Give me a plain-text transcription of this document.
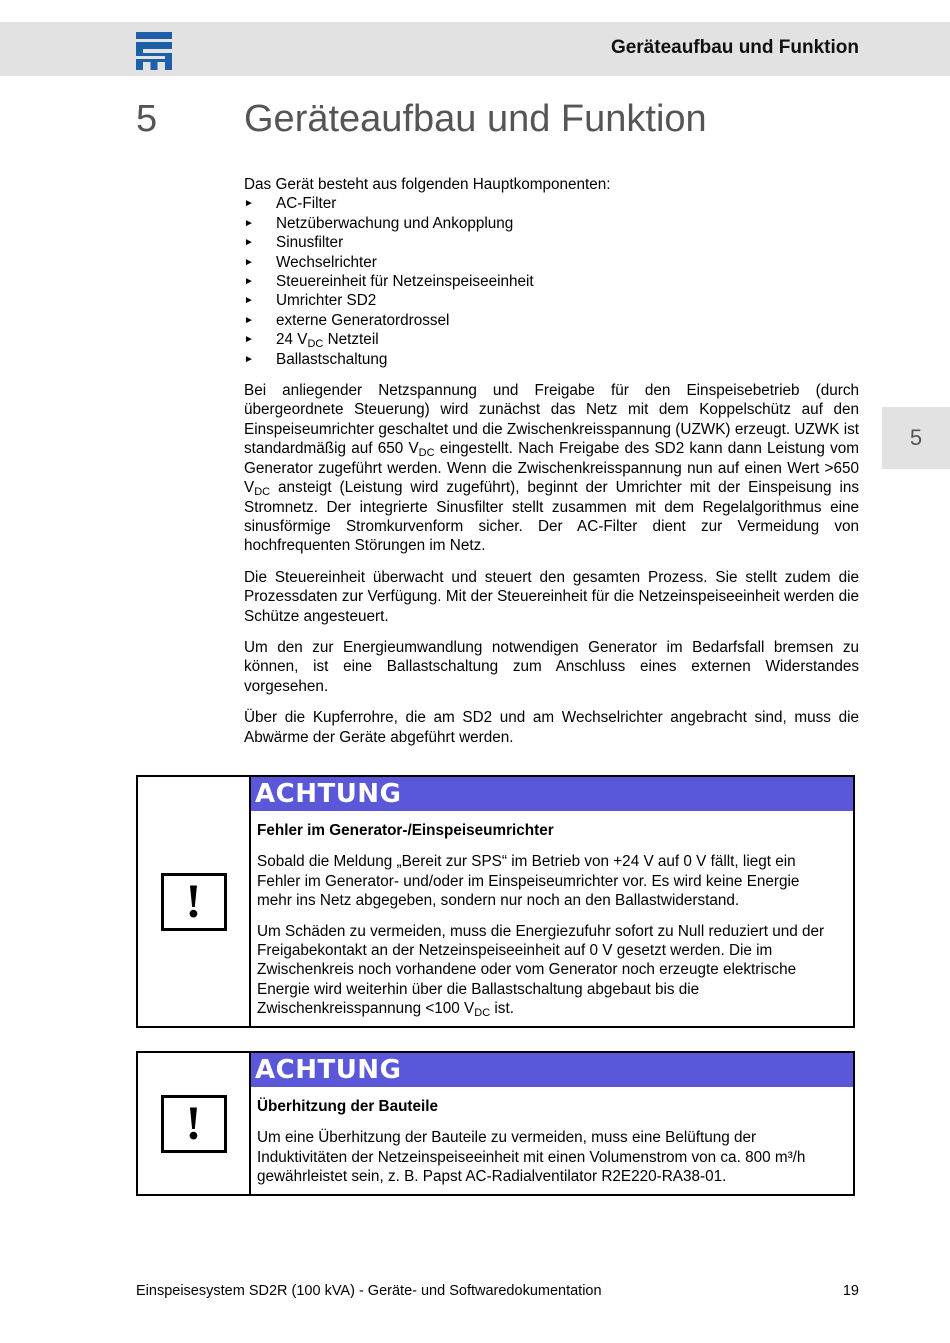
Geräteaufbau und Funktion
5 Geräteaufbau und Funktion
5

Das Gerät besteht aus folgenden Hauptkomponenten:

► AC-Filter
► Netzüberwachung und Ankopplung
► Sinusfilter
► Wechselrichter
► Steuereinheit für Netzeinspeiseeinheit
► Umrichter SD2
► externe Generatordrossel
► 24 $V_{DC}$ Netzteil
► Ballastschaltung

Bei anliegender Netzspannung und Freigabe für den Einspeisebetrieb (durch übergeordnete Steuerung) wird zunächst das Netz mit dem Koppelschütz auf den Einspeiseumrichter geschaltet und die Zwischenkreisspannung (UZWK) erzeugt. UZWK ist standardmäßig auf 650 $V_{DC}$ eingestellt. Nach Freigabe des SD2 kann dann Leistung vom Generator zugeführt werden. Wenn die Zwischenkreisspannung nun auf einen Wert >650 $V_{DC}$ ansteigt (Leistung wird zugeführt), beginnt der Umrichter mit der Einspeisung ins Stromnetz. Der integrierte Sinusfilter stellt zusammen mit dem Regelalgorithmus eine sinusförmige Stromkurvenform sicher. Der AC-Filter dient zur Vermeidung von hochfrequenten Störungen im Netz.

Die Steuereinheit überwacht und steuert den gesamten Prozess. Sie stellt zudem die Prozessdaten zur Verfügung. Mit der Steuereinheit für die Netzeinspeiseeinheit werden die Schütze angesteuert.

Um den zur Energieumwandlung notwendigen Generator im Bedarfsfall bremsen zu können, ist eine Ballastschaltung zum Anschluss eines externen Widerstandes vorgesehen.

Über die Kupferrohre, die am SD2 und am Wechselrichter angebracht sind, muss die Abwärme der Geräte abgeführt werden.

!
ACHTUNG
Fehler im Generator-/Einspeiseumrichter

Sobald die Meldung „Bereit zur SPS“ im Betrieb von +24 V auf 0 V fällt, liegt ein Fehler im Generator- und/oder im Einspeiseumrichter vor. Es wird keine Energie mehr ins Netz abgegeben, sondern nur noch an den Ballastwiderstand.

Um Schäden zu vermeiden, muss die Energiezufuhr sofort zu Null reduziert und der Freigabekontakt an der Netzeinspeiseeinheit auf 0 V gesetzt werden. Die im Zwischenkreis noch vorhandene oder vom Generator noch erzeugte elektrische Energie wird weiterhin über die Ballastschaltung abgebaut bis die Zwischenkreisspannung <100 $V_{DC}$ ist.

!
ACHTUNG
Überhitzung der Bauteile

Um eine Überhitzung der Bauteile zu vermeiden, muss eine Belüftung der Induktivitäten der Netzeinspeiseeinheit mit einen Volumenstrom von ca. 800 m³/h gewährleistet sein, z. B. Papst AC-Radialventilator R2E220-RA38-01.

Einspeisesystem SD2R (100 kVA) - Geräte- und Softwaredokumentation	19
